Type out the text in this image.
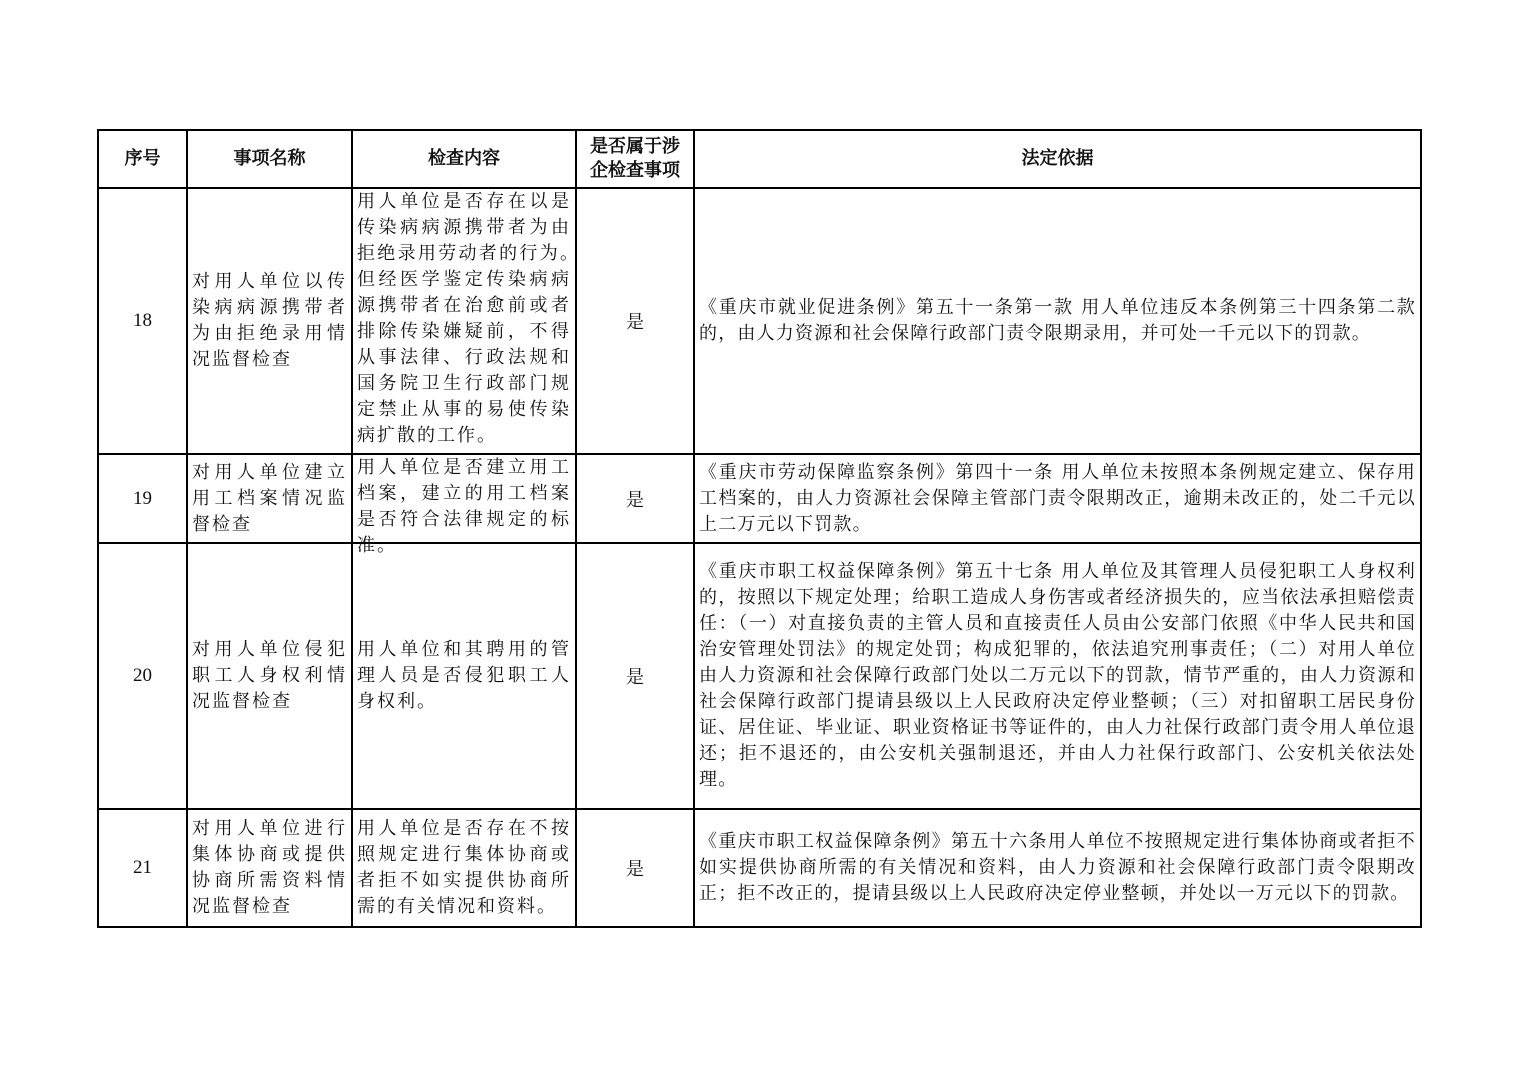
序号	事项名称	检查内容	是否属于涉企检查事项	法定依据
18	对用人单位以传染病病源携带者为由拒绝录用情况监督检查	用人单位是否存在以是传染病病源携带者为由拒绝录用劳动者的行为。　　　但经医学鉴定传染病病源携带者在治愈前或者排除传染嫌疑前，不得从事法律、行政法规和国务院卫生行政部门规定禁止从事的易使传染病扩散的工作。	是	《重庆市就业促进条例》第五十一条第一款 用人单位违反本条例第三十四条第二款的，由人力资源和社会保障行政部门责令限期录用，并可处一千元以下的罚款。
19	对用人单位建立用工档案情况监督检查	用人单位是否建立用工档案，建立的用工档案是否符合法律规定的标准。	是	《重庆市劳动保障监察条例》第四十一条 用人单位未按照本条例规定建立、保存用工档案的，由人力资源社会保障主管部门责令限期改正，逾期未改正的，处二千元以上二万元以下罚款。
20	对用人单位侵犯职工人身权利情况监督检查	用人单位和其聘用的管理人员是否侵犯职工人身权利。	是	《重庆市职工权益保障条例》第五十七条 用人单位及其管理人员侵犯职工人身权利的，按照以下规定处理；给职工造成人身伤害或者经济损失的，应当依法承担赔偿责任：（一）对直接负责的主管人员和直接责任人员由公安部门依照《中华人民共和国治安管理处罚法》的规定处罚；构成犯罪的，依法追究刑事责任；（二）对用人单位由人力资源和社会保障行政部门处以二万元以下的罚款，情节严重的，由人力资源和社会保障行政部门提请县级以上人民政府决定停业整顿；（三）对扣留职工居民身份证、居住证、毕业证、职业资格证书等证件的，由人力社保行政部门责令用人单位退还；拒不退还的，由公安机关强制退还，并由人力社保行政部门、公安机关依法处理。
21	对用人单位进行集体协商或提供协商所需资料情况监督检查	用人单位是否存在不按照规定进行集体协商或者拒不如实提供协商所需的有关情况和资料。	是	《重庆市职工权益保障条例》第五十六条用人单位不按照规定进行集体协商或者拒不如实提供协商所需的有关情况和资料，由人力资源和社会保障行政部门责令限期改正；拒不改正的，提请县级以上人民政府决定停业整顿，并处以一万元以下的罚款。
